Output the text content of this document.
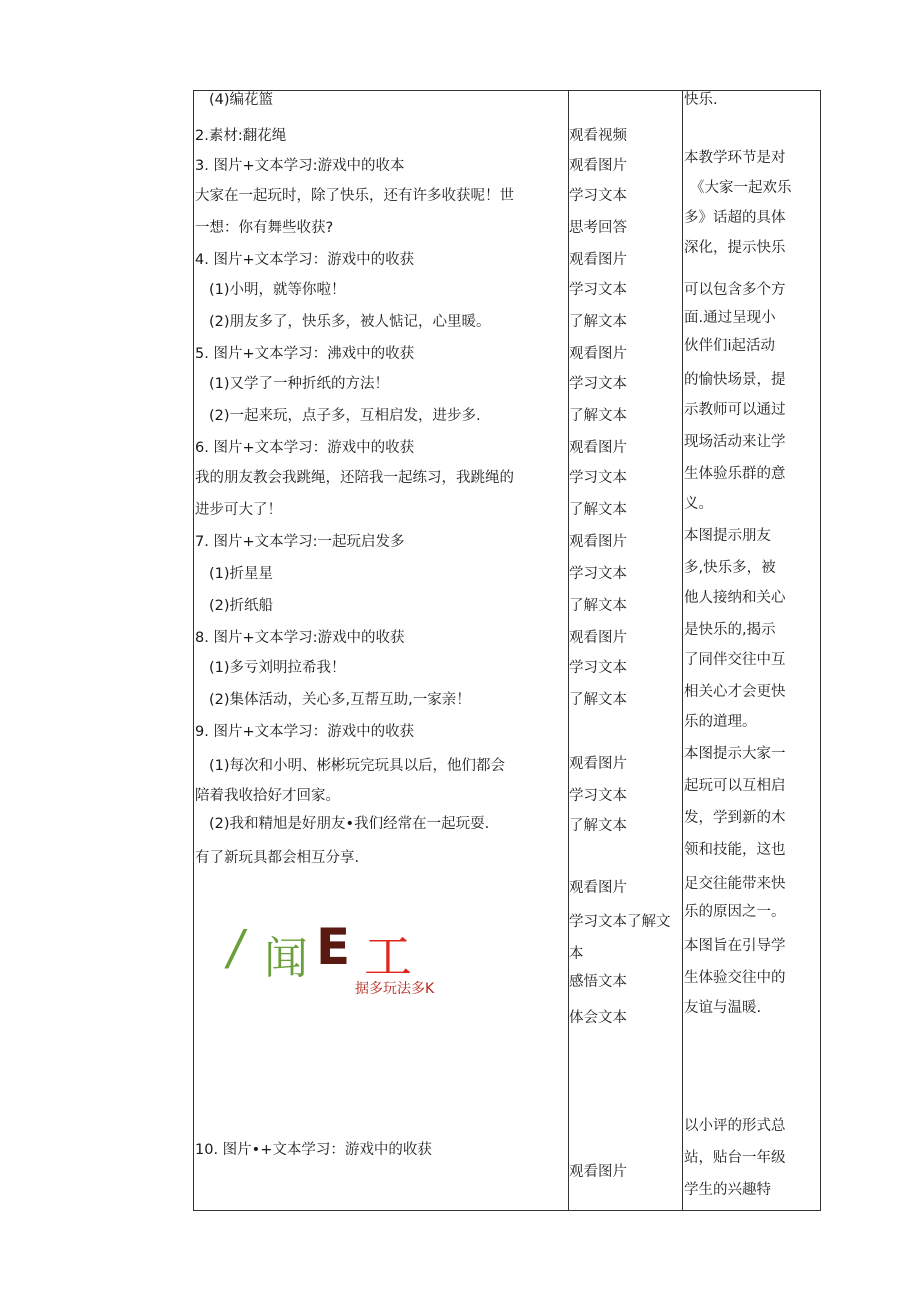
(4)编花篮
2.素材:翻花绳
3. 图片+文本学习:游戏中的收本
大家在一起玩时，除了快乐，还有许多收获呢！世
一想：你有舞些收获?
4. 图片+文本学习：游戏中的收获
(1)小明，就等你啦！
(2)朋友多了，快乐多，被人惦记，心里暖。
5. 图片+文本学习：沸戏中的收获
(1)又学了一种折纸的方法！
(2)一起来玩，点子多，互相启发，进步多.
6. 图片+文本学习：游戏中的收获
我的朋友教会我跳绳，还陪我一起练习，我跳绳的
进步可大了！
7. 图片+文本学习:一起玩启发多
(1)折星星
(2)折纸船
8. 图片+文本学习:游戏中的收获
(1)多亏刘明拉希我！
(2)集体活动，关心多,互帮互助,一家亲！
9. 图片+文本学习：游戏中的收获
(1)每次和小明、彬彬玩完玩具以后，他们都会
陪着我收拾好才回家。
(2)我和精旭是好朋友•我们经常在一起玩耍.
有了新玩具都会相互分享.
10. 图片•+文本学习：游戏中的收获
观看视频
观看图片
学习文本
思考回答
观看图片
学习文本
了解文本
观看图片
学习文本
了解文本
观看图片
学习文本
了解文本
观看图片
学习文本
了解文本
观看图片
学习文本
了解文本
观看图片
学习文本
了解文本
观看图片
学习文本了解文
本
感悟文本
体会文本
观看图片
快乐.
本教学环节是对
《大家一起欢乐
多》话超的具体
深化，提示快乐
可以包含多个方
面.通过呈现小
伙伴们i起活动
的愉快场景，提
示教师可以通过
现场活动来让学
生体验乐群的意
义。
本图提示朋友
多,快乐多，被
他人接纳和关心
是快乐的,揭示
了同伴交往中互
相关心才会更快
乐的道理。
本图提示大家一
起玩可以互相启
发，学到新的木
领和技能，这也
足交往能带来快
乐的原因之一。
本图旨在引导学
生体验交往中的
友谊与温暖.
以小评的形式总
站，贴台一年级
学生的兴趣特
/ 闻 E 工
据多玩法多K
